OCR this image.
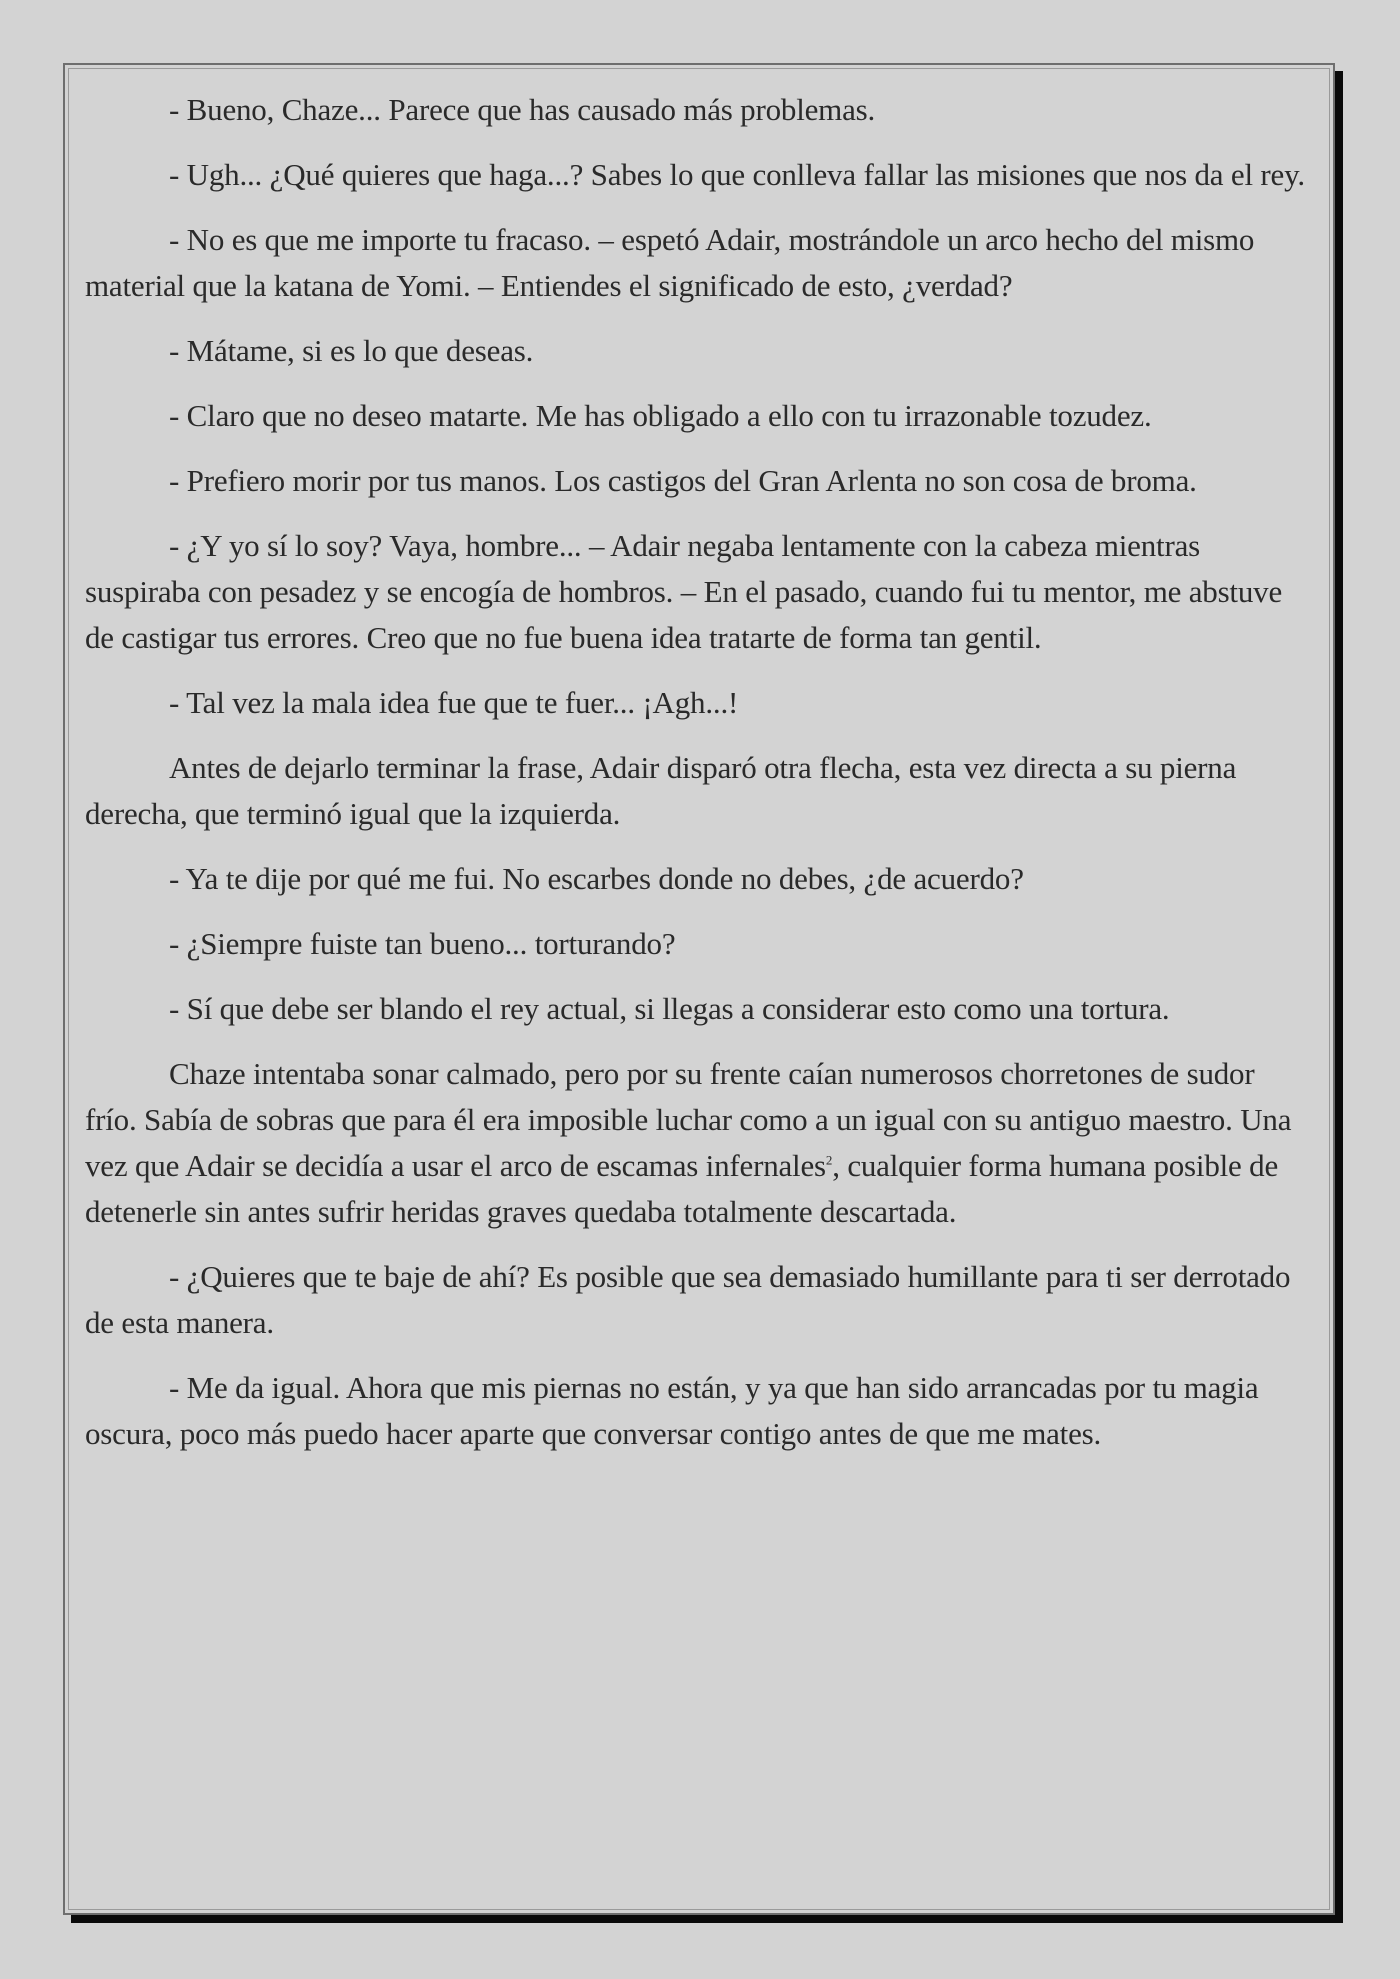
- Bueno, Chaze... Parece que has causado más problemas.

- Ugh... ¿Qué quieres que haga...? Sabes lo que conlleva fallar las misiones que nos da el rey.

- No es que me importe tu fracaso. – espetó Adair, mostrándole un arco hecho del mismo material que la katana de Yomi. – Entiendes el significado de esto, ¿verdad?

- Mátame, si es lo que deseas.

- Claro que no deseo matarte. Me has obligado a ello con tu irrazonable tozudez.

- Prefiero morir por tus manos. Los castigos del Gran Arlenta no son cosa de broma.

- ¿Y yo sí lo soy? Vaya, hombre... – Adair negaba lentamente con la cabeza mientras suspiraba con pesadez y se encogía de hombros. – En el pasado, cuando fui tu mentor, me abstuve de castigar tus errores. Creo que no fue buena idea tratarte de forma tan gentil.

- Tal vez la mala idea fue que te fuer... ¡Agh...!

Antes de dejarlo terminar la frase, Adair disparó otra flecha, esta vez directa a su pierna derecha, que terminó igual que la izquierda.

- Ya te dije por qué me fui. No escarbes donde no debes, ¿de acuerdo?

- ¿Siempre fuiste tan bueno... torturando?

- Sí que debe ser blando el rey actual, si llegas a considerar esto como una tortura.

Chaze intentaba sonar calmado, pero por su frente caían numerosos chorretones de sudor frío. Sabía de sobras que para él era imposible luchar como a un igual con su antiguo maestro. Una vez que Adair se decidía a usar el arco de escamas infernales$^2$, cualquier forma humana posible de detenerle sin antes sufrir heridas graves quedaba totalmente descartada.

- ¿Quieres que te baje de ahí? Es posible que sea demasiado humillante para ti ser derrotado de esta manera.

- Me da igual. Ahora que mis piernas no están, y ya que han sido arrancadas por tu magia oscura, poco más puedo hacer aparte que conversar contigo antes de que me mates.
